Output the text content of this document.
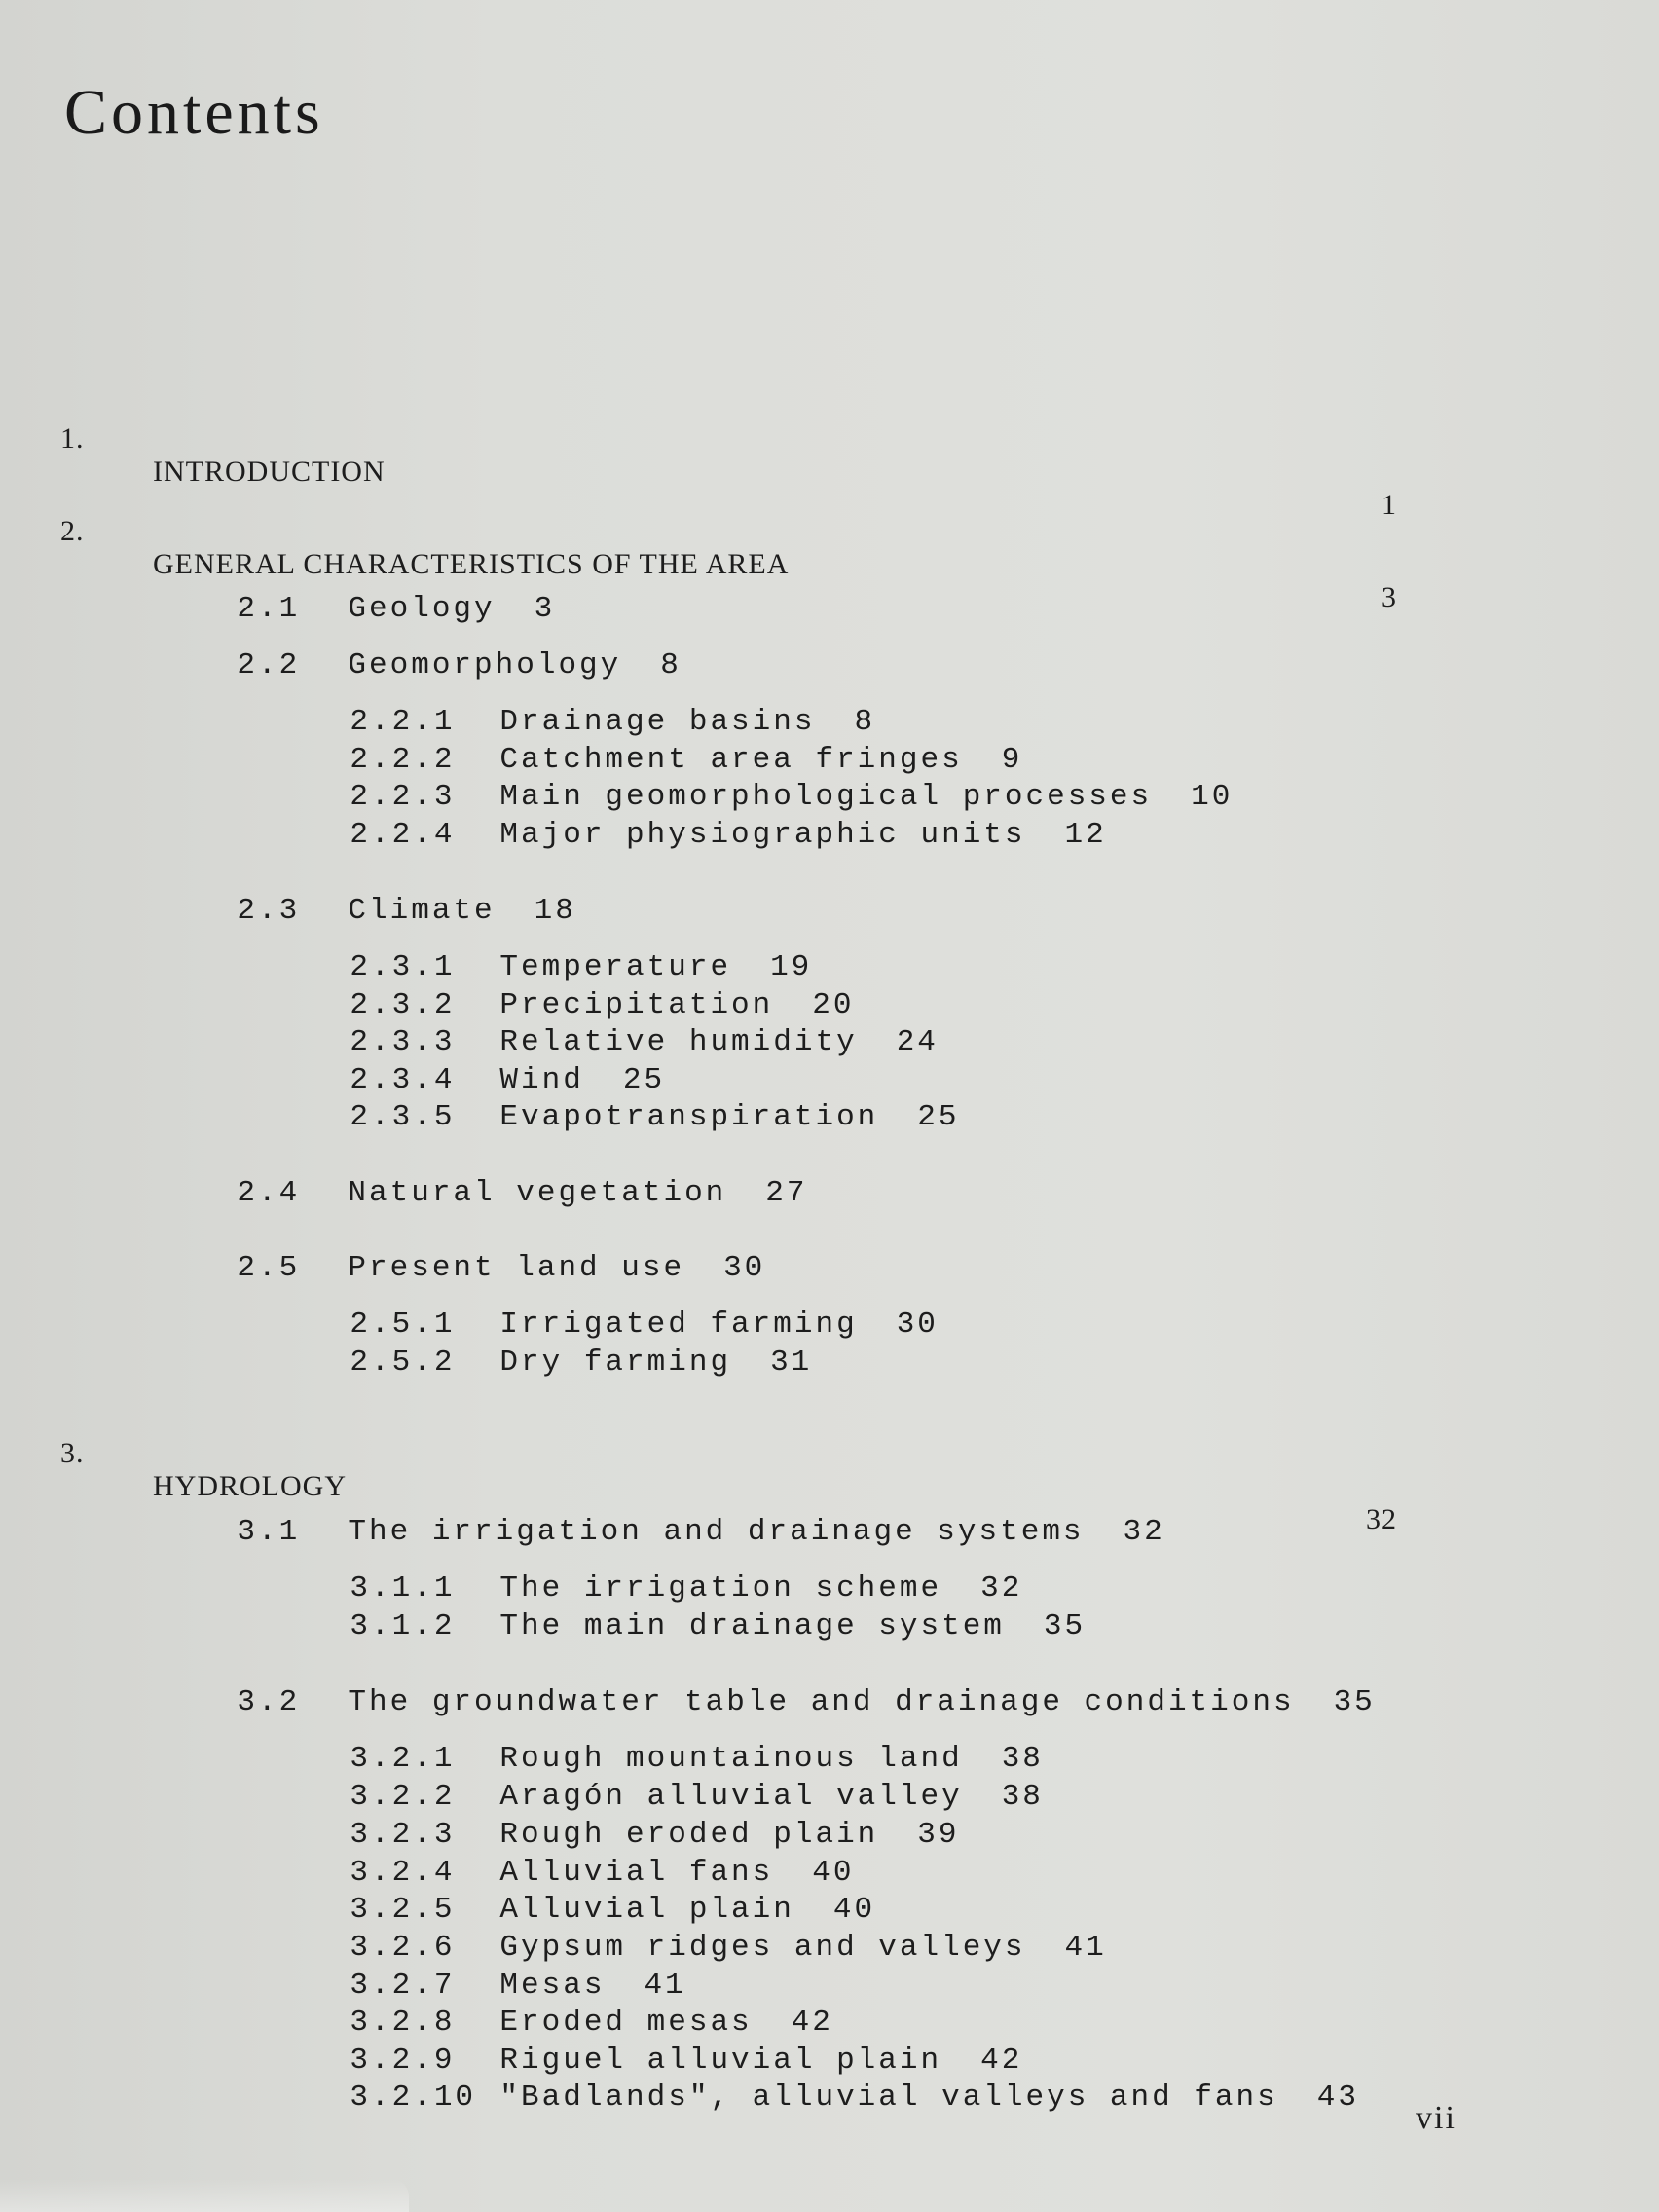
Contents

1.

INTRODUCTION

1

2.

GENERAL CHARACTERISTICS OF THE AREA

3

2.1 Geology 3

2.2 Geomorphology 8

2.2.1 Drainage basins 8

2.2.2 Catchment area fringes 9

2.2.3 Main geomorphological processes 10

2.2.4 Major physiographic units 12

2.3 Climate 18

2.3.1 Temperature 19

2.3.2 Precipitation 20

2.3.3 Relative humidity 24

2.3.4 Wind 25

2.3.5 Evapotranspiration 25

2.4 Natural vegetation 27

2.5 Present land use 30

2.5.1 Irrigated farming 30

2.5.2 Dry farming 31

3.

HYDROLOGY

32

3.1 The irrigation and drainage systems 32

3.1.1 The irrigation scheme 32

3.1.2 The main drainage system 35

3.2 The groundwater table and drainage conditions 35

3.2.1 Rough mountainous land 38

3.2.2 Aragón alluvial valley 38

3.2.3 Rough eroded plain 39

3.2.4 Alluvial fans 40

3.2.5 Alluvial plain 40

3.2.6 Gypsum ridges and valleys 41

3.2.7 Mesas 41

3.2.8 Eroded mesas 42

3.2.9 Riguel alluvial plain 42

3.2.10 "Badlands", alluvial valleys and fans 43

vii
